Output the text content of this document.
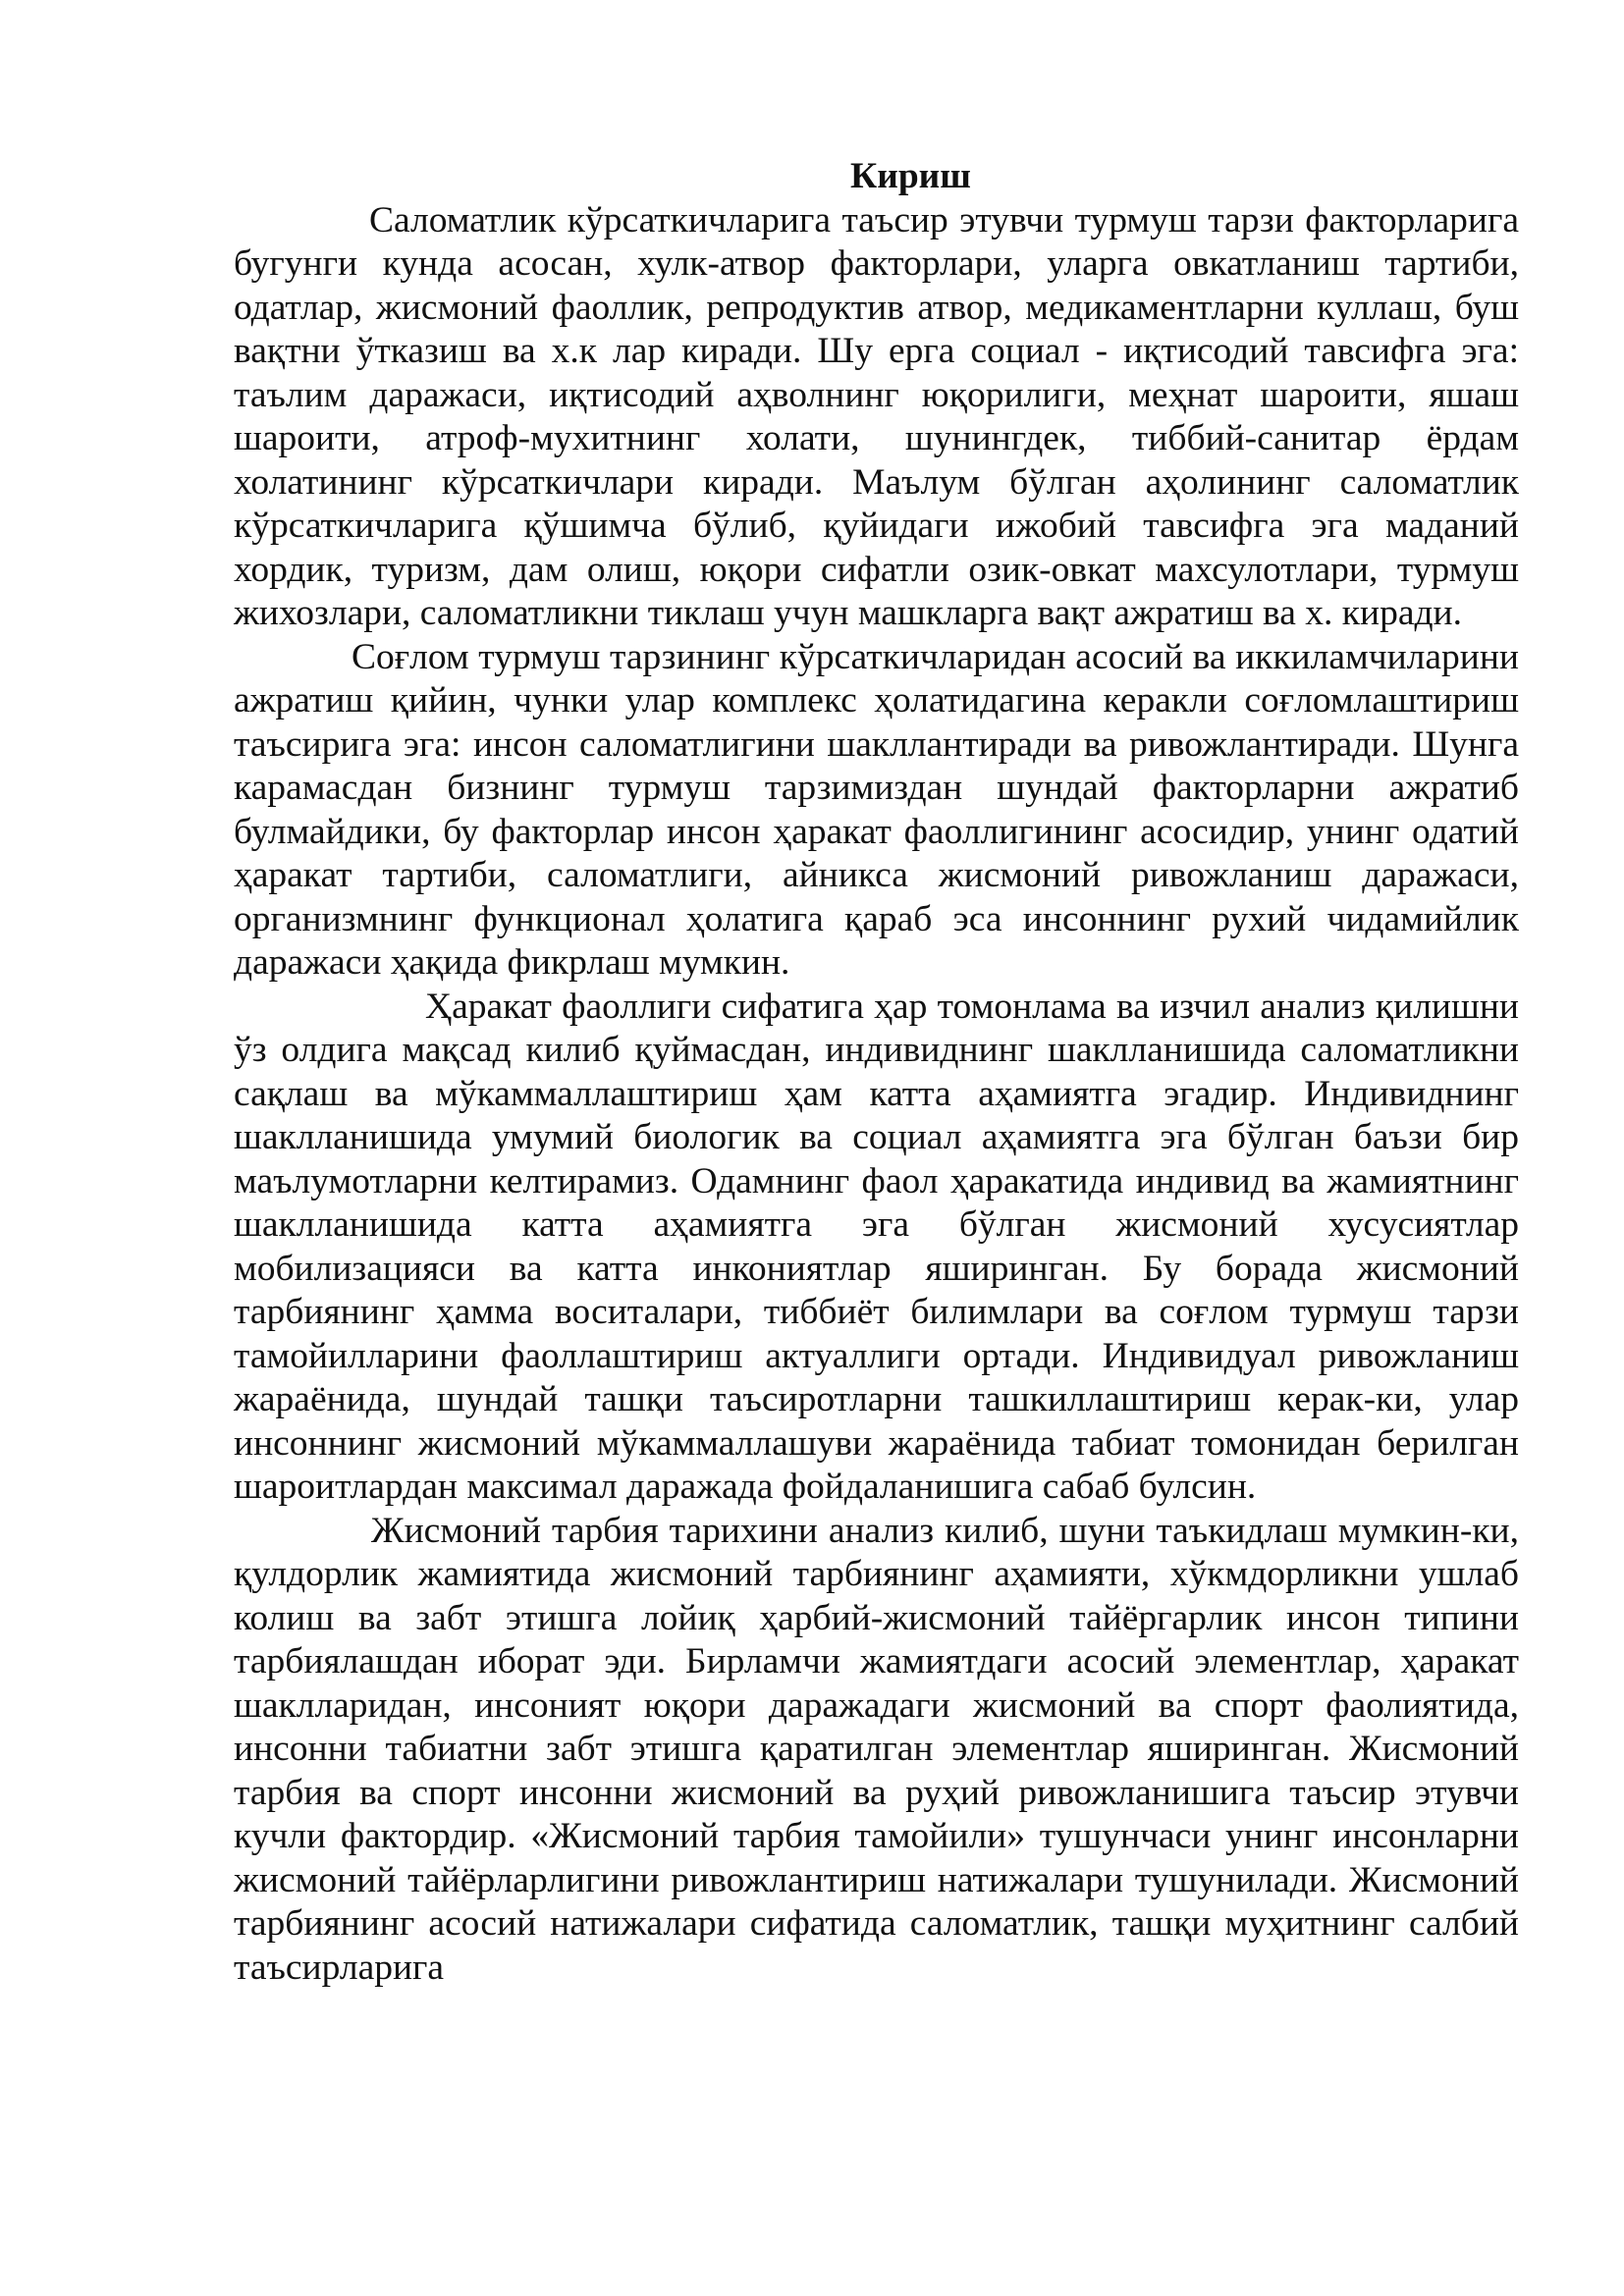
Кириш

Саломатлик кўрсаткичларига таъсир этувчи турмуш тарзи факторларига бугунги кунда асосан, хулк-атвор факторлари, уларга овкатланиш тартиби, одатлар, жисмоний фаоллик, репродуктив атвор, медикаментларни куллаш, буш вақтни ўтказиш ва х.к лар киради. Шу ерга социал - иқтисодий тавсифга эга: таълим даражаси, иқтисодий аҳволнинг юқорилиги, меҳнат шароити, яшаш шароити, атроф-мухитнинг холати, шунингдек, тиббий-санитар ёрдам холатининг кўрсаткичлари киради. Маълум бўлган аҳолининг саломатлик кўрсаткичларига қўшимча бўлиб, қуйидаги ижобий тавсифга эга маданий хордик, туризм, дам олиш, юқори сифатли озик-овкат махсулотлари, турмуш жихозлари, саломатликни тиклаш учун машкларга вақт ажратиш ва х. киради.

Соғлом турмуш тарзининг кўрсаткичларидан асосий ва иккиламчиларини ажратиш қийин, чунки улар комплекс ҳолатидагина керакли соғломлаштириш таъсирига эга: инсон саломатлигини шакллантиради ва ривожлантиради. Шунга карамасдан бизнинг турмуш тарзимиздан шундай факторларни ажратиб булмайдики, бу факторлар инсон ҳаракат фаоллигининг асосидир, унинг одатий ҳаракат тартиби, саломатлиги, айникса жисмоний ривожланиш даражаси, организмнинг функционал ҳолатига қараб эса инсоннинг рухий чидамийлик даражаси ҳақида фикрлаш мумкин.

Ҳаракат фаоллиги сифатига ҳар томонлама ва изчил анализ қилишни ўз олдига мақсад килиб қуймасдан, индивиднинг шаклланишида саломатликни сақлаш ва мўкаммаллаштириш ҳам катта аҳамиятга эгадир. Индивиднинг шаклланишида умумий биологик ва социал аҳамиятга эга бўлган баъзи бир маълумотларни келтирамиз. Одамнинг фаол ҳаракатида индивид ва жамиятнинг шаклланишида катта аҳамиятга эга бўлган жисмоний хусусиятлар мобилизацияси ва катта инкониятлар яширинган. Бу борада жисмоний тарбиянинг ҳамма воситалари, тиббиёт билимлари ва соғлом турмуш тарзи тамойилларини фаоллаштириш актуаллиги ортади. Индивидуал ривожланиш жараёнида, шундай ташқи таъсиротларни ташкиллаштириш керак-ки, улар инсоннинг жисмоний мўкаммаллашуви жараёнида табиат томонидан берилган шароитлардан максимал даражада фойдаланишига сабаб булсин.

Жисмоний тарбия тарихини анализ килиб, шуни таъкидлаш мумкин-ки, қулдорлик жамиятида жисмоний тарбиянинг аҳамияти, хўкмдорликни ушлаб колиш ва забт этишга лойиқ ҳарбий-жисмоний тайёргарлик инсон типини тарбиялашдан иборат эди. Бирламчи жамиятдаги асосий элементлар, ҳаракат шаклларидан, инсоният юқори даражадаги жисмоний ва спорт фаолиятида, инсонни табиатни забт этишга қаратилган элементлар яширинган. Жисмоний тарбия ва спорт инсонни жисмоний ва руҳий ривожланишига таъсир этувчи кучли фактордир. «Жисмоний тарбия тамойили» тушунчаси унинг инсонларни жисмоний тайёрларлигини ривожлантириш натижалари тушунилади. Жисмоний тарбиянинг асосий натижалари сифатида саломатлик, ташқи муҳитнинг салбий таъсирларига
